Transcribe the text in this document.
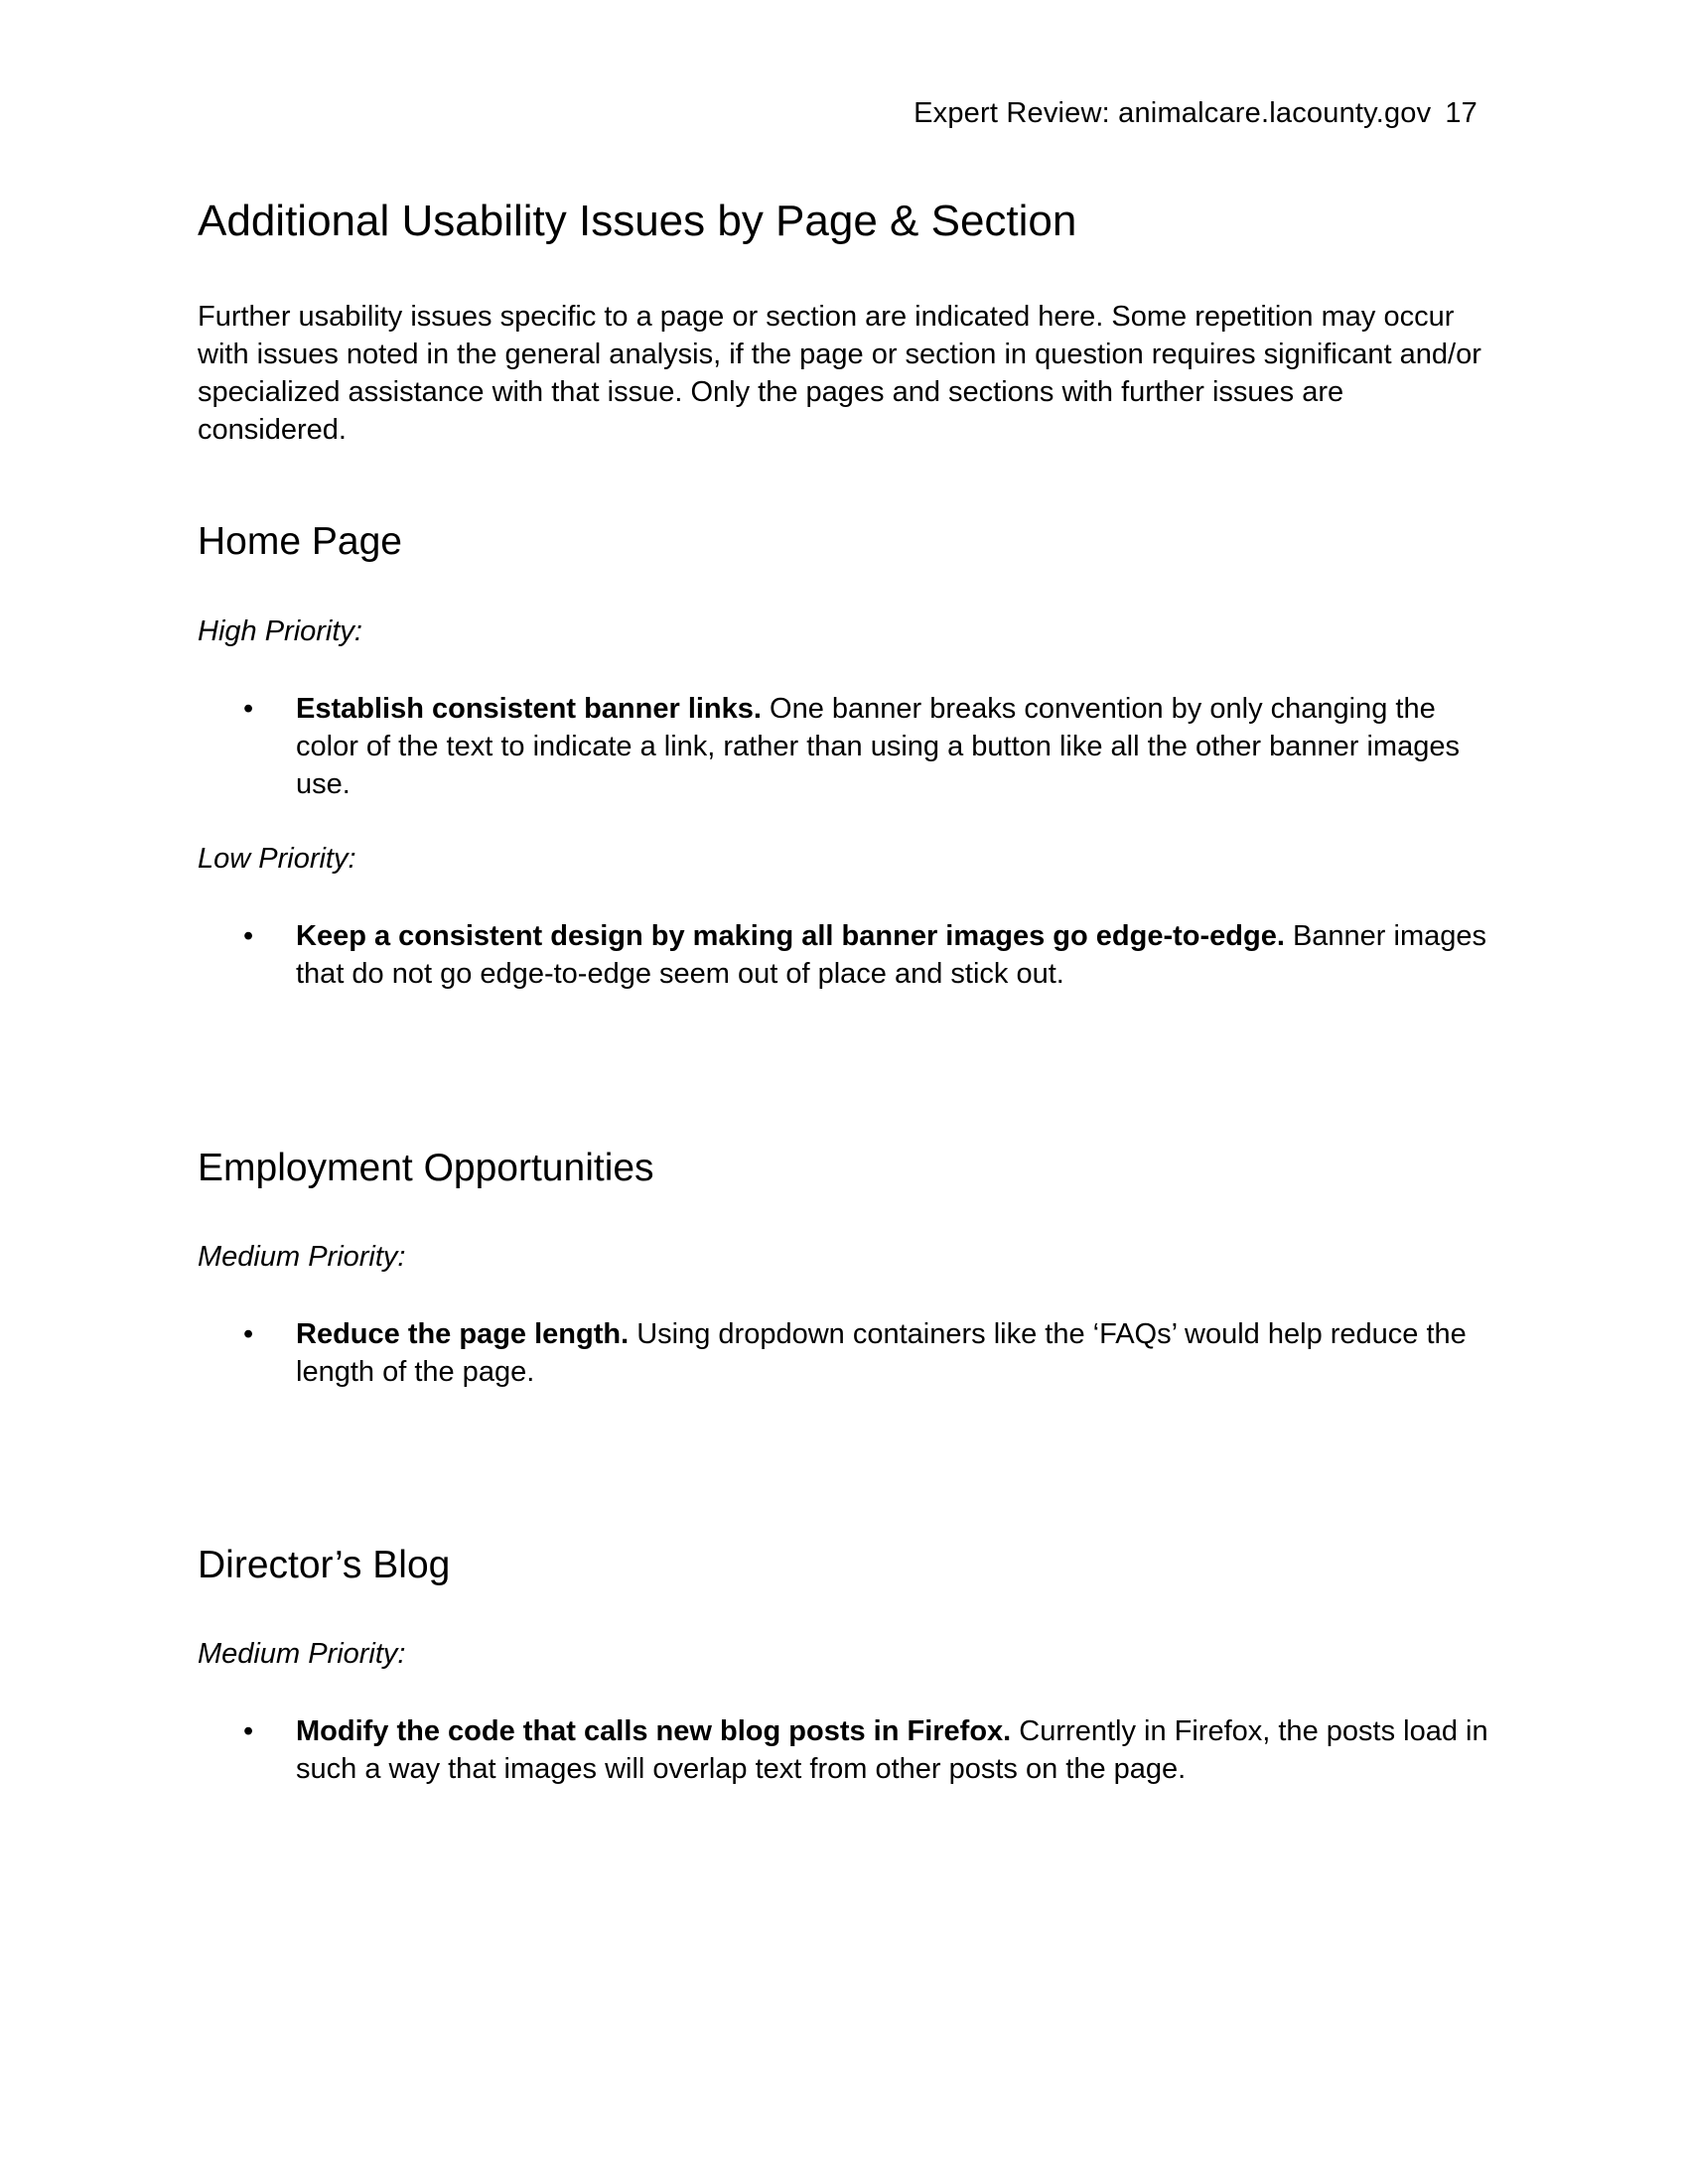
Expert Review: animalcare.lacounty.gov 17
Additional Usability Issues by Page & Section

Further usability issues specific to a page or section are indicated here. Some repetition may occur with issues noted in the general analysis, if the page or section in question requires significant and/or specialized assistance with that issue. Only the pages and sections with further issues are considered.

Home Page

High Priority:

• Establish consistent banner links. One banner breaks convention by only changing the color of the text to indicate a link, rather than using a button like all the other banner images use.

Low Priority:

• Keep a consistent design by making all banner images go edge-to-edge. Banner images that do not go edge-to-edge seem out of place and stick out.
Employment Opportunities

Medium Priority:

• Reduce the page length. Using dropdown containers like the ‘FAQs’ would help reduce the length of the page.
Director’s Blog

Medium Priority:

• Modify the code that calls new blog posts in Firefox. Currently in Firefox, the posts load in such a way that images will overlap text from other posts on the page.
